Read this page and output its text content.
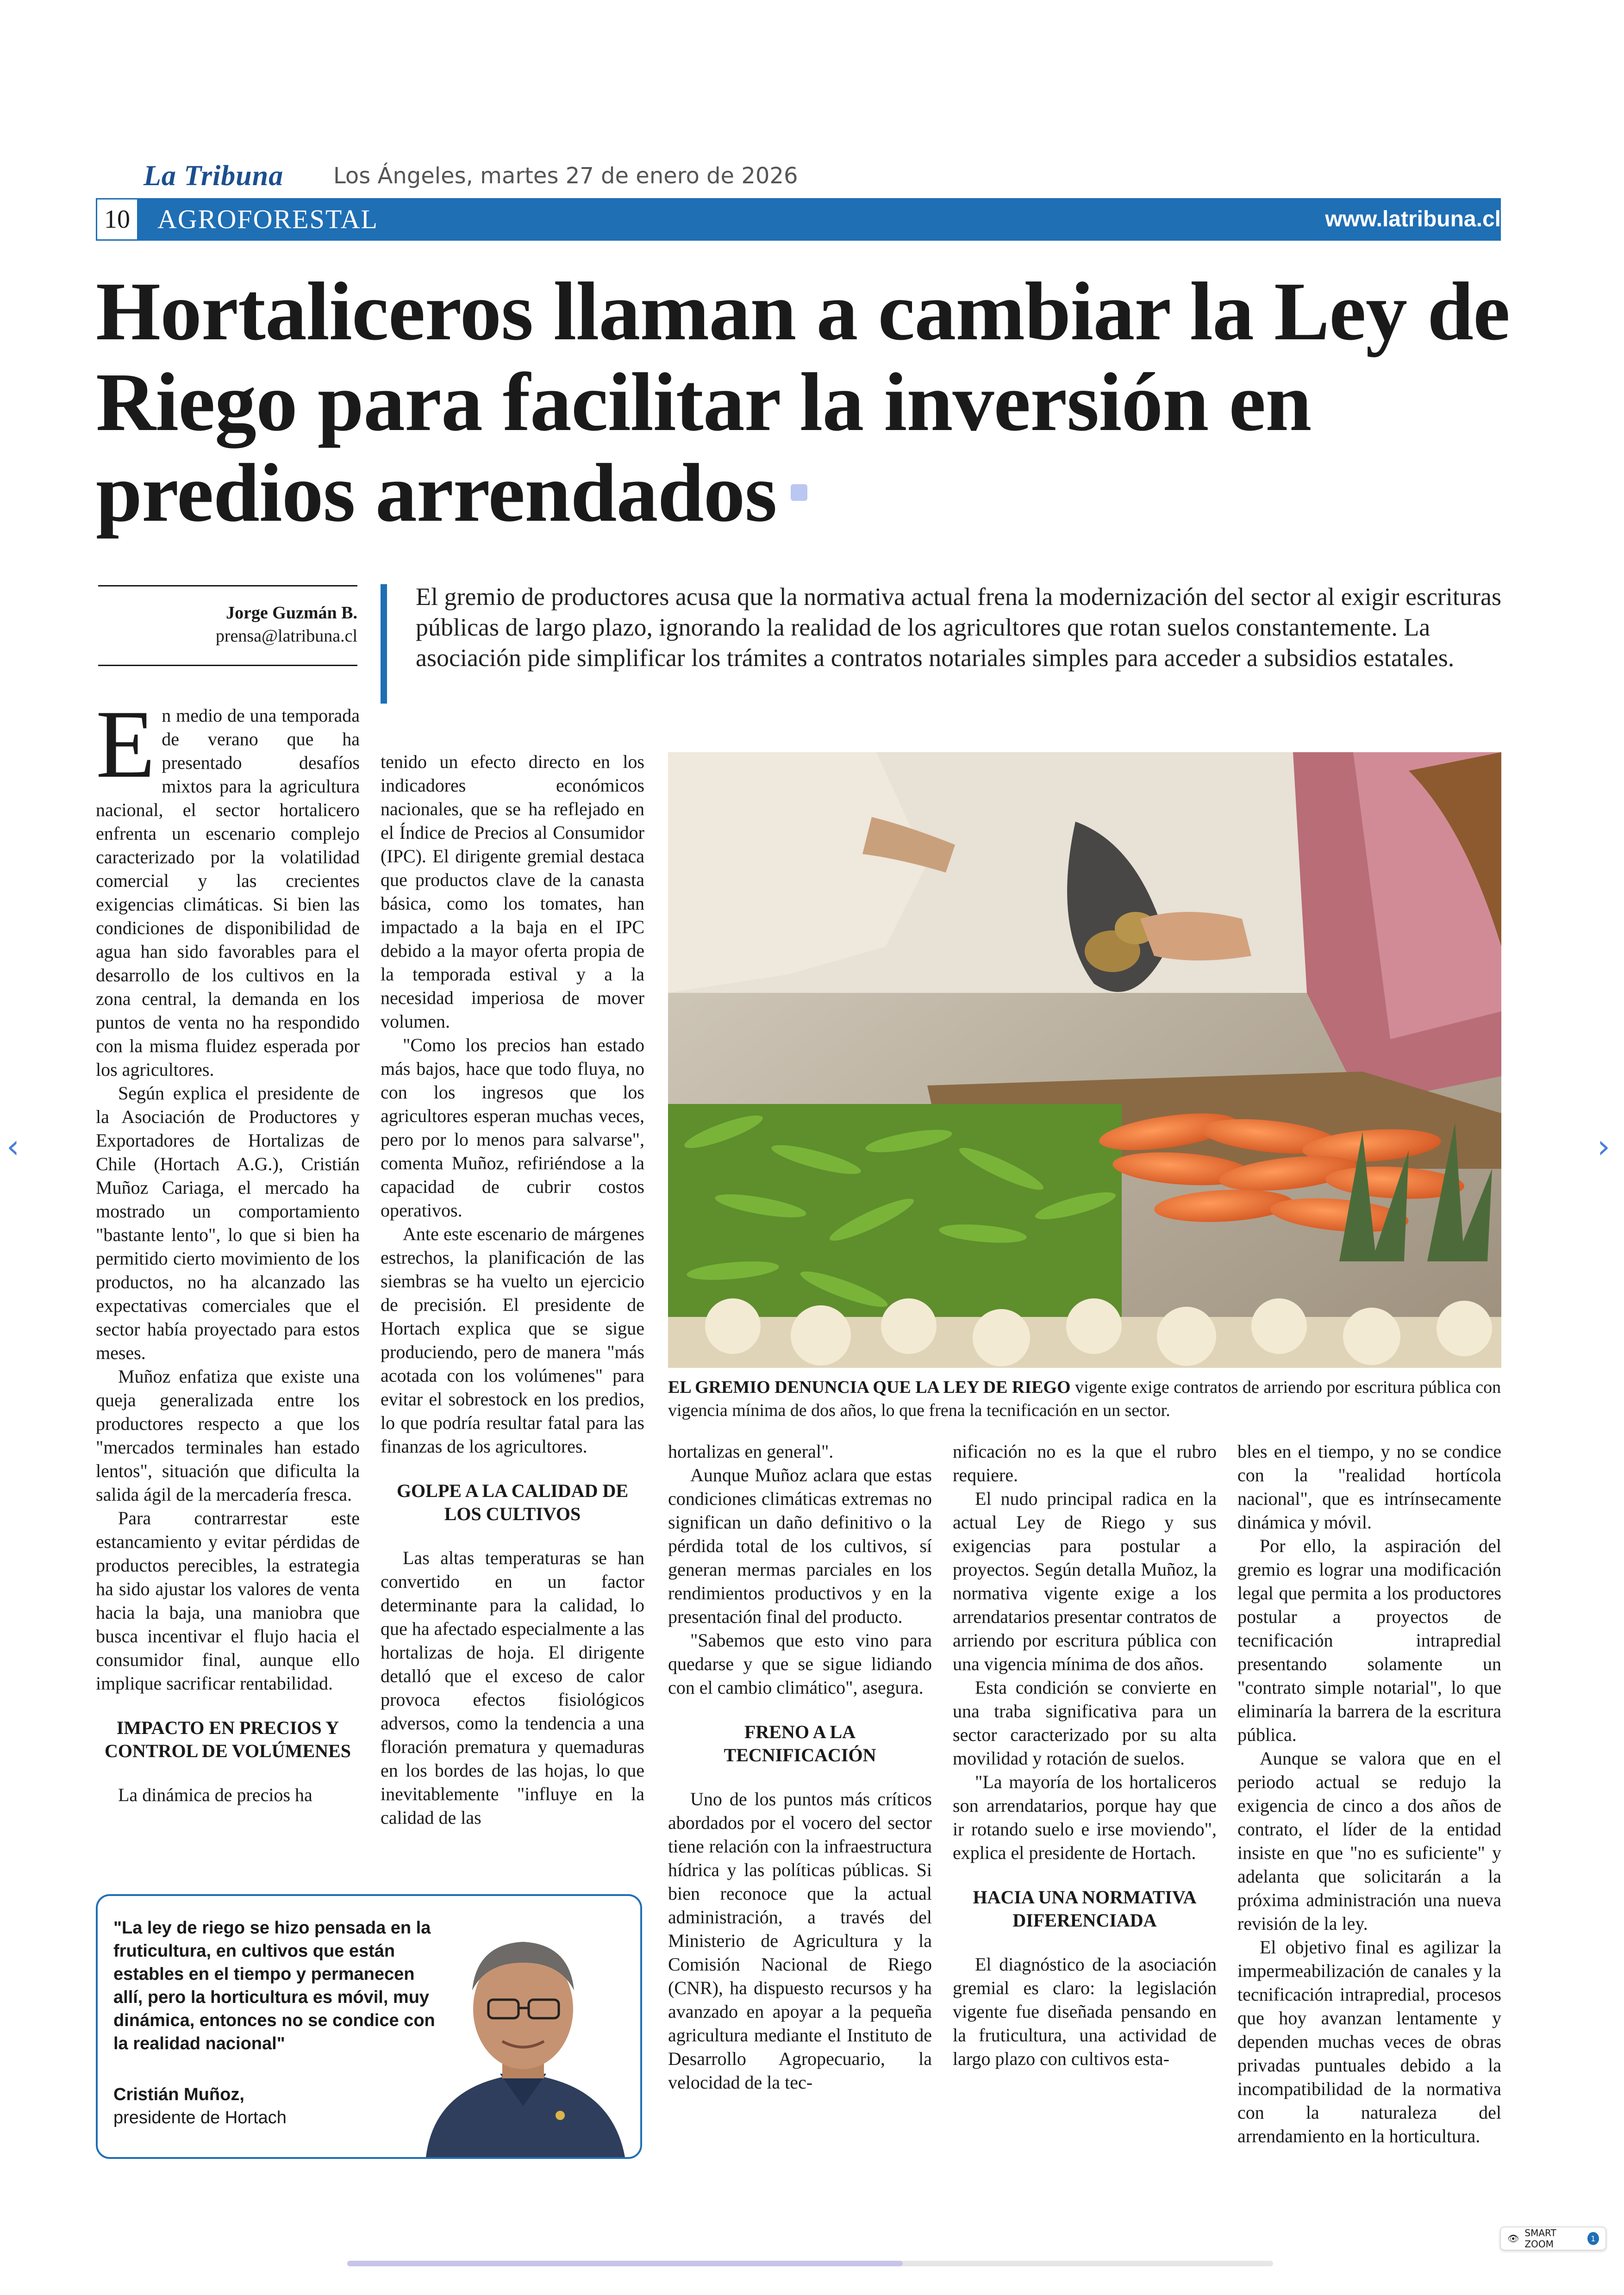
La Tribuna Los Ángeles, martes 27 de enero de 2026
10	AGROFORESTAL	www.latribuna.cl
Hortaliceros llaman a cambiar la Ley de Riego para facilitar la inversión en predios arrendados
Jorge Guzmán B.
prensa@latribuna.cl
El gremio de productores acusa que la normativa actual frena la modernización del sector al exigir escrituras públicas de largo plazo, ignorando la realidad de los agricultores que rotan suelos constantemente. La asociación pide simplificar los trámites a contratos notariales simples para acceder a subsidios estatales.

En medio de una temporada de verano que ha presentado desafíos mixtos para la agricultura nacional, el sector hortalicero enfrenta un escenario complejo caracterizado por la volatilidad comercial y las crecientes exigencias climáticas. Si bien las condiciones de disponibilidad de agua han sido favorables para el desarrollo de los cultivos en la zona central, la demanda en los puntos de venta no ha respondido con la misma fluidez esperada por los agricultores.

Según explica el presidente de la Asociación de Productores y Exportadores de Hortalizas de Chile (Hortach A.G.), Cristián Muñoz Cariaga, el mercado ha mostrado un comportamiento "bastante lento", lo que si bien ha permitido cierto movimiento de los productos, no ha alcanzado las expectativas comerciales que el sector había proyectado para estos meses.

Muñoz enfatiza que existe una queja generalizada entre los productores respecto a que los "mercados terminales han estado lentos", situación que dificulta la salida ágil de la mercadería fresca.

Para contrarrestar este estancamiento y evitar pérdidas de productos perecibles, la estrategia ha sido ajustar los valores de venta hacia la baja, una maniobra que busca incentivar el flujo hacia el consumidor final, aunque ello implique sacrificar rentabilidad.

IMPACTO EN PRECIOS Y CONTROL DE VOLÚMENES

La dinámica de precios ha

tenido un efecto directo en los indicadores económicos nacionales, que se ha reflejado en el Índice de Precios al Consumidor (IPC). El dirigente gremial destaca que productos clave de la canasta básica, como los tomates, han impactado a la baja en el IPC debido a la mayor oferta propia de la temporada estival y a la necesidad imperiosa de mover volumen.

"Como los precios han estado más bajos, hace que todo fluya, no con los ingresos que los agricultores esperan muchas veces, pero por lo menos para salvarse", comenta Muñoz, refiriéndose a la capacidad de cubrir costos operativos.

Ante este escenario de márgenes estrechos, la planificación de las siembras se ha vuelto un ejercicio de precisión. El presidente de Hortach explica que se sigue produciendo, pero de manera "más acotada con los volúmenes" para evitar el sobrestock en los predios, lo que podría resultar fatal para las finanzas de los agricultores.

GOLPE A LA CALIDAD DE LOS CULTIVOS

Las altas temperaturas se han convertido en un factor determinante para la calidad, lo que ha afectado especialmente a las hortalizas de hoja. El dirigente detalló que el exceso de calor provoca efectos fisiológicos adversos, como la tendencia a una floración prematura y quemaduras en los bordes de las hojas, lo que inevitablemente "influye en la calidad de las

EL GREMIO DENUNCIA QUE LA LEY DE RIEGO vigente exige contratos de arriendo por escritura pública con vigencia mínima de dos años, lo que frena la tecnificación en un sector.

hortalizas en general".

Aunque Muñoz aclara que estas condiciones climáticas extremas no significan un daño definitivo o la pérdida total de los cultivos, sí generan mermas parciales en los rendimientos productivos y en la presentación final del producto.

"Sabemos que esto vino para quedarse y que se sigue lidiando con el cambio climático", asegura.

FRENO A LA TECNIFICACIÓN

Uno de los puntos más críticos abordados por el vocero del sector tiene relación con la infraestructura hídrica y las políticas públicas. Si bien reconoce que la actual administración, a través del Ministerio de Agricultura y la Comisión Nacional de Riego (CNR), ha dispuesto recursos y ha avanzado en apoyar a la pequeña agricultura mediante el Instituto de Desarrollo Agropecuario, la velocidad de la tec-

nificación no es la que el rubro requiere.

El nudo principal radica en la actual Ley de Riego y sus exigencias para postular a proyectos. Según detalla Muñoz, la normativa vigente exige a los arrendatarios presentar contratos de arriendo por escritura pública con una vigencia mínima de dos años.

Esta condición se convierte en una traba significativa para un sector caracterizado por su alta movilidad y rotación de suelos.

"La mayoría de los hortaliceros son arrendatarios, porque hay que ir rotando suelo e irse moviendo", explica el presidente de Hortach.

HACIA UNA NORMATIVA DIFERENCIADA

El diagnóstico de la asociación gremial es claro: la legislación vigente fue diseñada pensando en la fruticultura, una actividad de largo plazo con cultivos esta-

bles en el tiempo, y no se condice con la "realidad hortícola nacional", que es intrínsecamente dinámica y móvil.

Por ello, la aspiración del gremio es lograr una modificación legal que permita a los productores postular a proyectos de tecnificación intrapredial presentando solamente un "contrato simple notarial", lo que eliminaría la barrera de la escritura pública.

Aunque se valora que en el periodo actual se redujo la exigencia de cinco a dos años de contrato, el líder de la entidad insiste en que "no es suficiente" y adelanta que solicitarán a la próxima administración una nueva revisión de la ley.

El objetivo final es agilizar la impermeabilización de canales y la tecnificación intrapredial, procesos que hoy avanzan lentamente y dependen muchas veces de obras privadas puntuales debido a la incompatibilidad de la normativa con la naturaleza del arrendamiento en la horticultura.

"La ley de riego se hizo pensada en la fruticultura, en cultivos que están estables en el tiempo y permanecen allí, pero la horticultura es móvil, muy dinámica, entonces no se condice con la realidad nacional"
Cristián Muñoz,
presidente de Hortach
‹	›
👁 SMART ZOOM	1
